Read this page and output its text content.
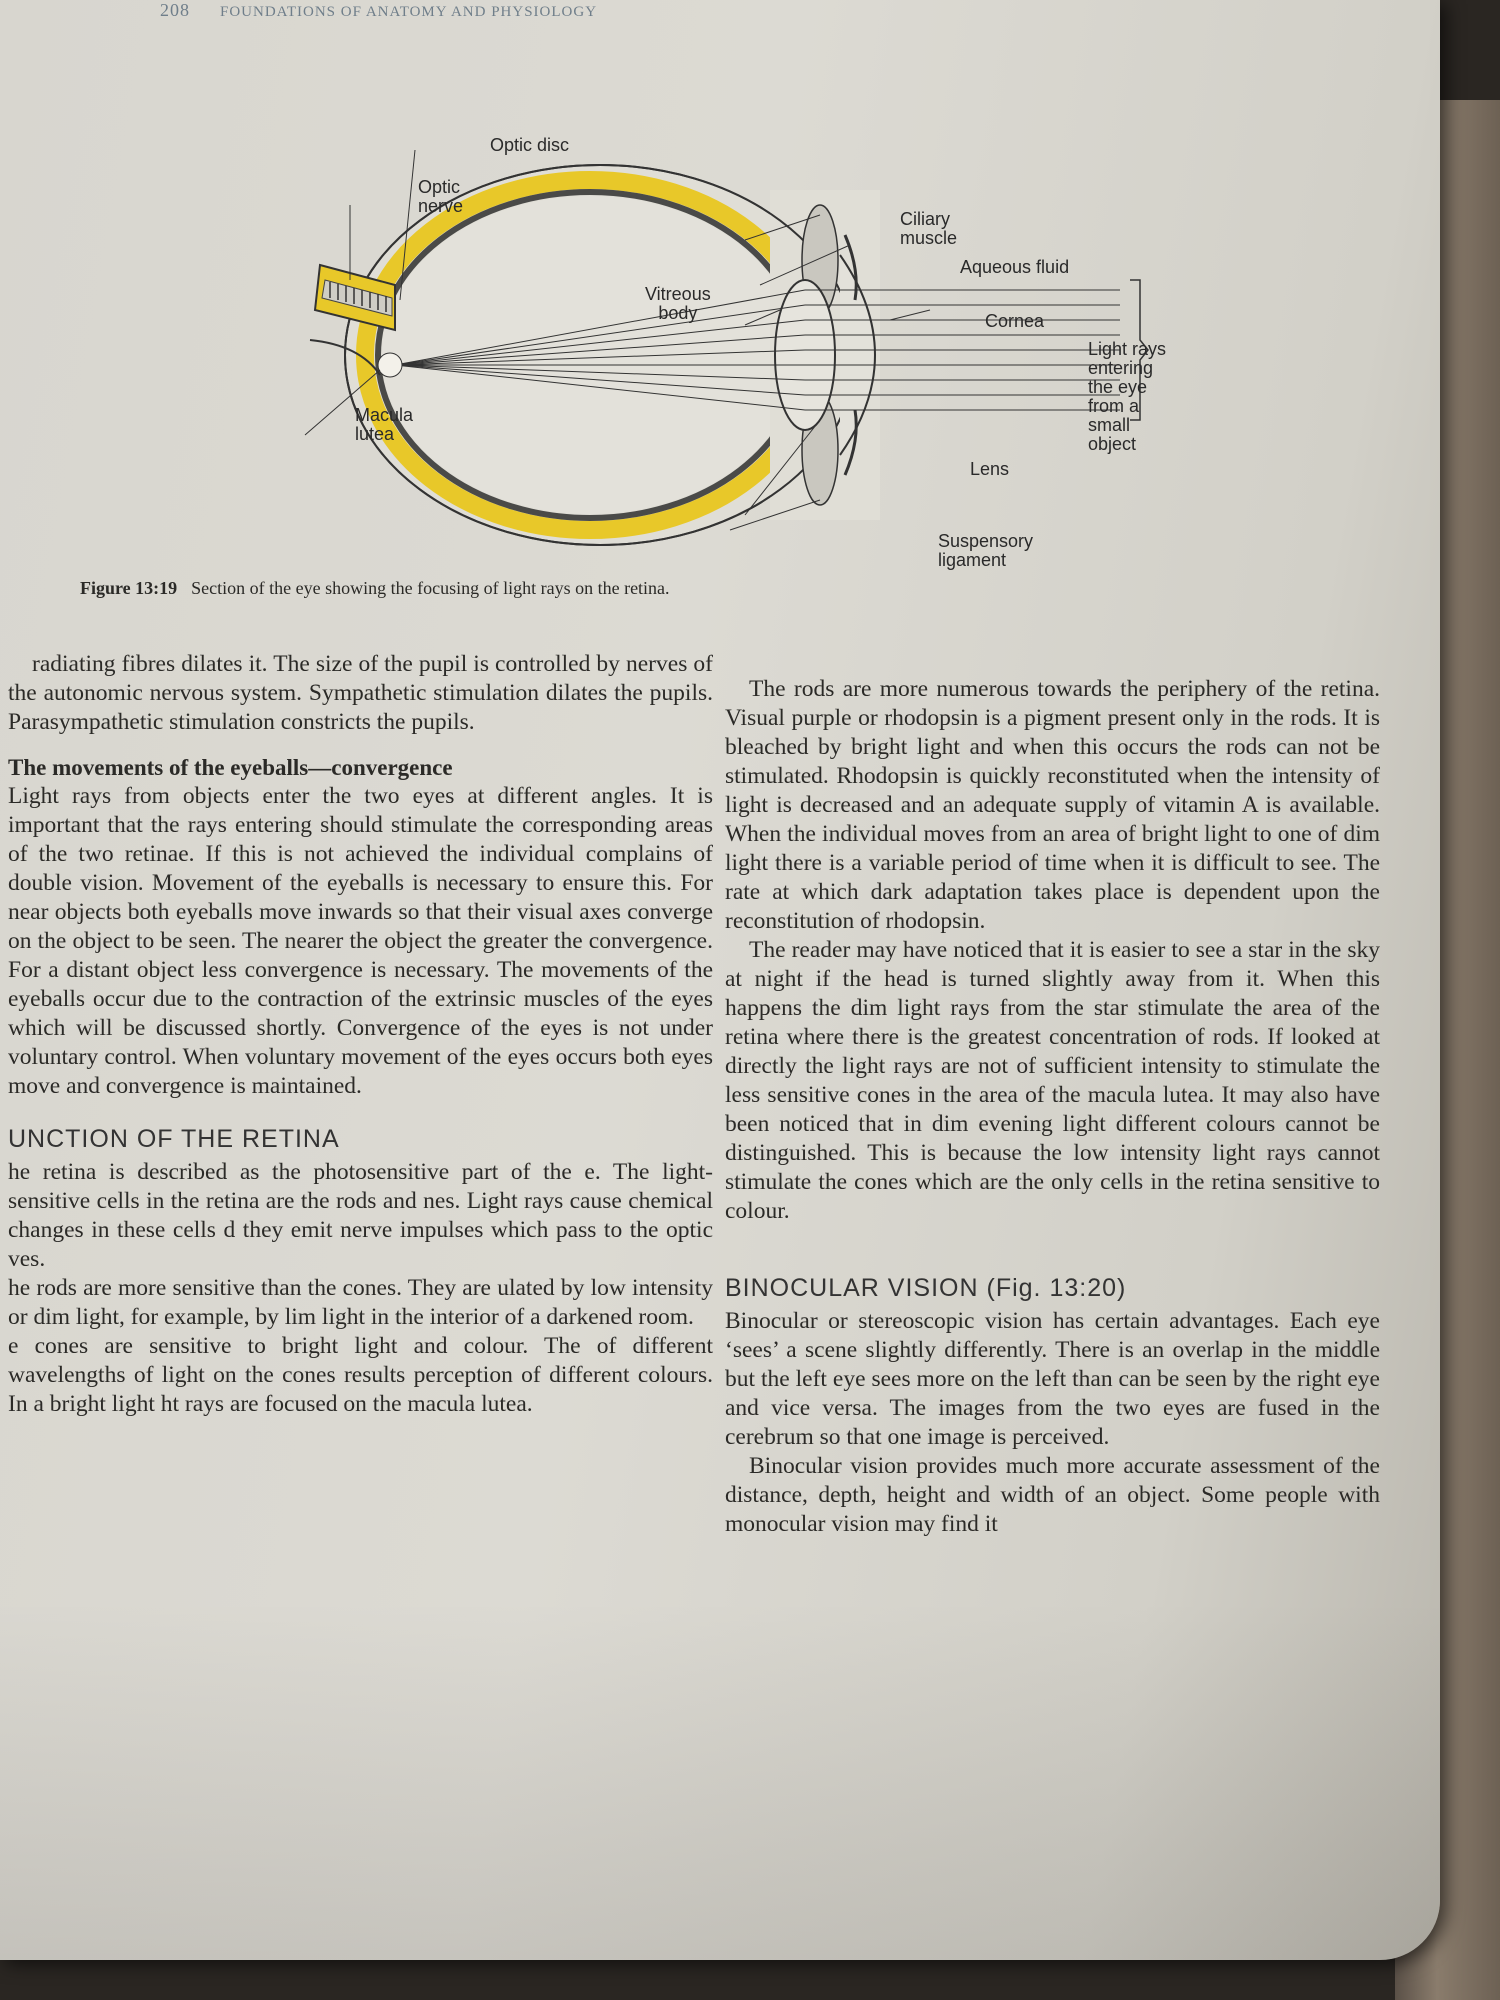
208 FOUNDATIONS OF ANATOMY AND PHYSIOLOGY
Optic disc
Optic
nerve
Ciliary
muscle
Aqueous fluid
Vitreous
body	Cornea
Light rays
entering
the eye
from a
small
object
Macula
lutea
Lens
Suspensory
ligament
Figure 13:19 Section of the eye showing the focusing of light rays on the retina.

radiating fibres dilates it. The size of the pupil is controlled by nerves of the autonomic nervous system. Sympathetic stimulation dilates the pupils. Parasympathetic stimulation constricts the pupils.

The movements of the eyeballs—convergence

Light rays from objects enter the two eyes at different angles. It is important that the rays entering should stimulate the corresponding areas of the two retinae. If this is not achieved the individual complains of double vision. Movement of the eyeballs is necessary to ensure this. For near objects both eyeballs move inwards so that their visual axes converge on the object to be seen. The nearer the object the greater the convergence. For a distant object less convergence is necessary. The movements of the eyeballs occur due to the contraction of the extrinsic muscles of the eyes which will be discussed shortly. Convergence of the eyes is not under voluntary control. When voluntary movement of the eyes occurs both eyes move and convergence is maintained.

UNCTION OF THE RETINA

he retina is described as the photosensitive part of the e. The light-sensitive cells in the retina are the rods and nes. Light rays cause chemical changes in these cells d they emit nerve impulses which pass to the optic ves.

he rods are more sensitive than the cones. They are ulated by low intensity or dim light, for example, by lim light in the interior of a darkened room.

e cones are sensitive to bright light and colour. The of different wavelengths of light on the cones results perception of different colours. In a bright light ht rays are focused on the macula lutea.

The rods are more numerous towards the periphery of the retina. Visual purple or rhodopsin is a pigment present only in the rods. It is bleached by bright light and when this occurs the rods can not be stimulated. Rhodopsin is quickly reconstituted when the intensity of light is decreased and an adequate supply of vitamin A is available. When the individual moves from an area of bright light to one of dim light there is a variable period of time when it is difficult to see. The rate at which dark adaptation takes place is dependent upon the reconstitution of rhodopsin.

The reader may have noticed that it is easier to see a star in the sky at night if the head is turned slightly away from it. When this happens the dim light rays from the star stimulate the area of the retina where there is the greatest concentration of rods. If looked at directly the light rays are not of sufficient intensity to stimulate the less sensitive cones in the area of the macula lutea. It may also have been noticed that in dim evening light different colours cannot be distinguished. This is because the low intensity light rays cannot stimulate the cones which are the only cells in the retina sensitive to colour.

BINOCULAR VISION (Fig. 13:20)

Binocular or stereoscopic vision has certain advantages. Each eye ‘sees’ a scene slightly differently. There is an overlap in the middle but the left eye sees more on the left than can be seen by the right eye and vice versa. The images from the two eyes are fused in the cerebrum so that one image is perceived.

Binocular vision provides much more accurate assessment of the distance, depth, height and width of an object. Some people with monocular vision may find it
